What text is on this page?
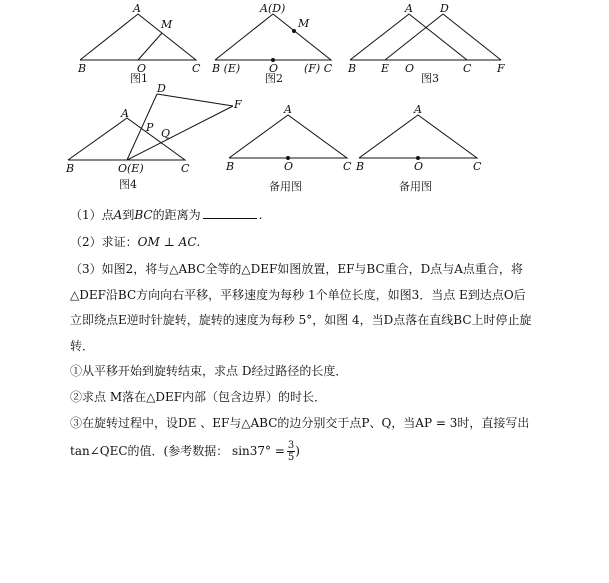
A
M
B	O	C
A(D)
M
B (E)	O (F) C
A D
B E O	C F
D
F
A
P Q
B	O(E)	C
A
B	O	C
A
B	O	C
图1	图2	图3
图4	备用图	备用图
（1）点A到BC的距离为	.
（2）求证：OM ⊥ AC.
（3）如图2，将与△ABC全等的△DEF如图放置，EF与BC重合，D点与A点重合，将
△DEF沿BC方向向右平移，平移速度为每秒 1个单位长度，如图3．当点 E到达点O后
立即绕点E逆时针旋转，旋转的速度为每秒 5°，如图 4，当D点落在直线BC上时停止旋
转．
①从平移开始到旋转结束，求点 D经过路径的长度．
②求点 M落在△DEF内部（包含边界）的时长．
③在旋转过程中，设DE 、EF与△ABC的边分别交于点P、Q，当AP = 3时，直接写出
tan∠QEC的值．(参考数据： $\sin 37^\circ = \frac{3}{5}$ )
